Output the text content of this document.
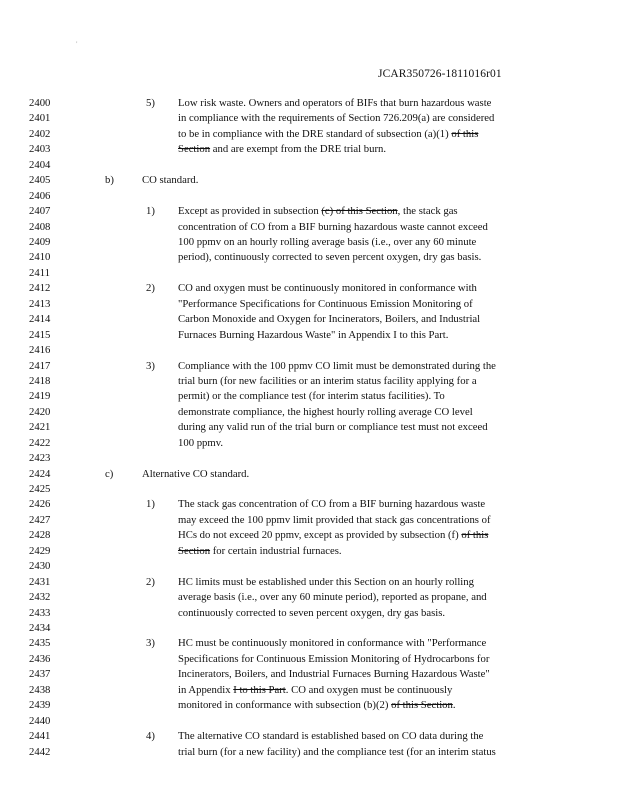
,
JCAR350726-1811016r01
2400	5) Low risk waste. Owners and operators of BIFs that burn hazardous waste
2401	in compliance with the requirements of Section 726.209(a) are considered
2402	to be in compliance with the DRE standard of subsection (a)(1) of this
2403	Section and are exempt from the DRE trial burn.
2404
2405	b)	CO standard.
2406
2407	1) Except as provided in subsection (c) of this Section, the stack gas
2408	concentration of CO from a BIF burning hazardous waste cannot exceed
2409	100 ppmv on an hourly rolling average basis (i.e., over any 60 minute
2410	period), continuously corrected to seven percent oxygen, dry gas basis.
2411
2412	2) CO and oxygen must be continuously monitored in conformance with
2413	"Performance Specifications for Continuous Emission Monitoring of
2414	Carbon Monoxide and Oxygen for Incinerators, Boilers, and Industrial
2415	Furnaces Burning Hazardous Waste" in Appendix I to this Part.
2416
2417	3) Compliance with the 100 ppmv CO limit must be demonstrated during the
2418	trial burn (for new facilities or an interim status facility applying for a
2419	permit) or the compliance test (for interim status facilities). To
2420	demonstrate compliance, the highest hourly rolling average CO level
2421	during any valid run of the trial burn or compliance test must not exceed
2422	100 ppmv.
2423
2424	c)	Alternative CO standard.
2425
2426	1) The stack gas concentration of CO from a BIF burning hazardous waste
2427	may exceed the 100 ppmv limit provided that stack gas concentrations of
2428	HCs do not exceed 20 ppmv, except as provided by subsection (f) of this
2429	Section for certain industrial furnaces.
2430
2431	2) HC limits must be established under this Section on an hourly rolling
2432	average basis (i.e., over any 60 minute period), reported as propane, and
2433	continuously corrected to seven percent oxygen, dry gas basis.
2434
2435	3) HC must be continuously monitored in conformance with "Performance
2436	Specifications for Continuous Emission Monitoring of Hydrocarbons for
2437	Incinerators, Boilers, and Industrial Furnaces Burning Hazardous Waste"
2438	in Appendix I to this Part. CO and oxygen must be continuously
2439	monitored in conformance with subsection (b)(2) of this Section.
2440
2441	4) The alternative CO standard is established based on CO data during the
2442	trial burn (for a new facility) and the compliance test (for an interim status
